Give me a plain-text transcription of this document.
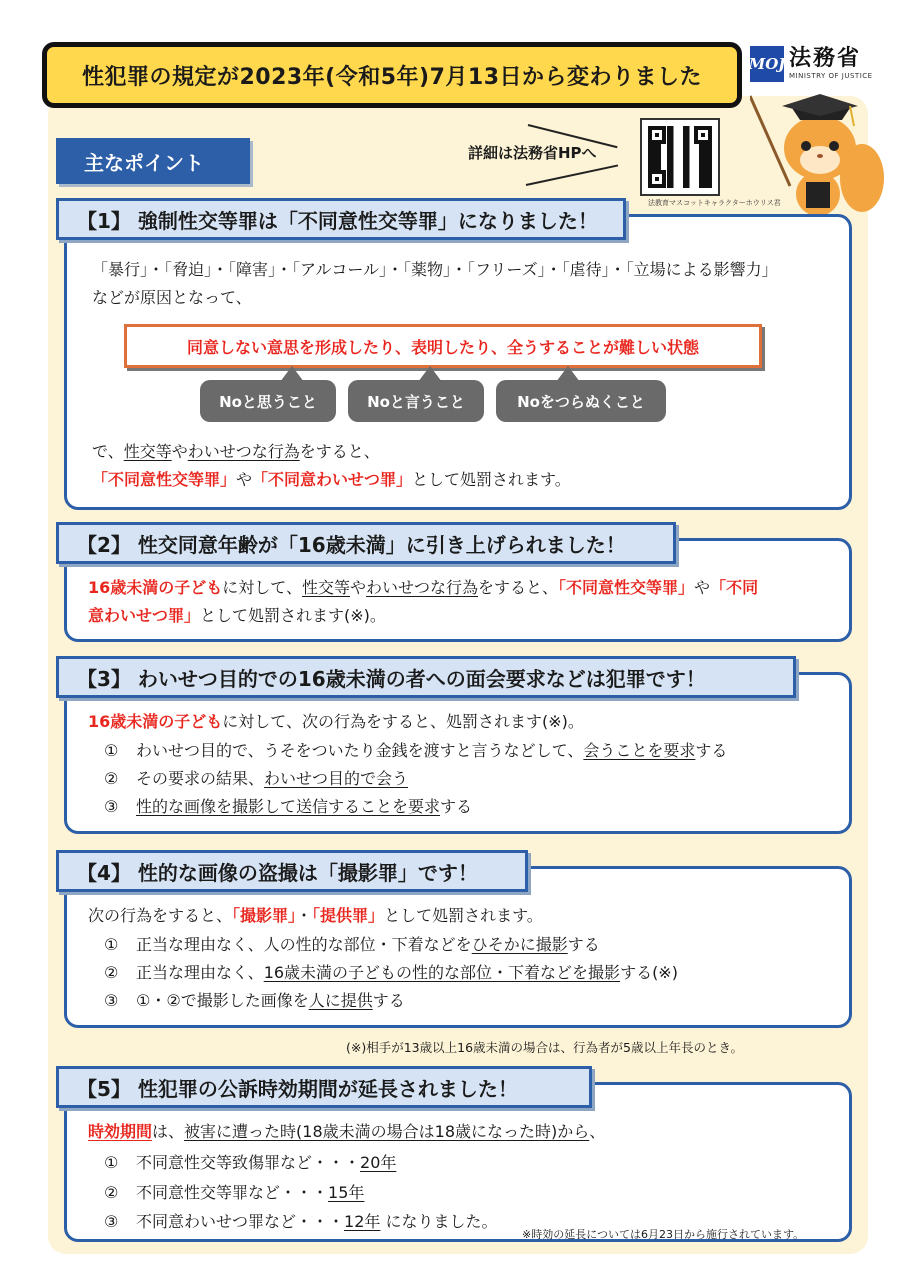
性犯罪の規定が2023年(令和5年)7月13日から変わりました
MOJ 法務省
MINISTRY OF JUSTICE
主なポイント	詳細は法務省HPへ
法教育マスコットキャラクターホウリス君
【1】 強制性交等罪は「不同意性交等罪」になりました！
「暴行」・「脅迫」・「障害」・「アルコール」・「薬物」・「フリーズ」・「虐待」・「立場による影響力」
などが原因となって、
同意しない意思を形成したり、表明したり、全うすることが難しい状態
Noと思うこと	Noと言うこと	Noをつらぬくこと
で、性交等やわいせつな行為をすると、
「不同意性交等罪」や「不同意わいせつ罪」として処罰されます。
【2】 性交同意年齢が「16歳未満」に引き上げられました！
16歳未満の子どもに対して、性交等やわいせつな行為をすると、「不同意性交等罪」や「不同
意わいせつ罪」として処罰されます(※)。
【3】 わいせつ目的での16歳未満の者への面会要求などは犯罪です！
16歳未満の子どもに対して、次の行為をすると、処罰されます(※)。
① わいせつ目的で、うそをついたり金銭を渡すと言うなどして、会うことを要求する
② その要求の結果、わいせつ目的で会う
③ 性的な画像を撮影して送信することを要求する
【4】 性的な画像の盗撮は「撮影罪」です！
次の行為をすると、「撮影罪」・「提供罪」として処罰されます。
① 正当な理由なく、人の性的な部位・下着などをひそかに撮影する
② 正当な理由なく、16歳未満の子どもの性的な部位・下着などを撮影する(※)
③ ①・②で撮影した画像を人に提供する
(※)相手が13歳以上16歳未満の場合は、行為者が5歳以上年長のとき。
【5】 性犯罪の公訴時効期間が延長されました！
時効期間は、被害に遭った時(18歳未満の場合は18歳になった時)から、
① 不同意性交等致傷罪など・・・20年
② 不同意性交等罪など・・・15年
③ 不同意わいせつ罪など・・・12年 になりました。
※時効の延長については6月23日から施行されています。
